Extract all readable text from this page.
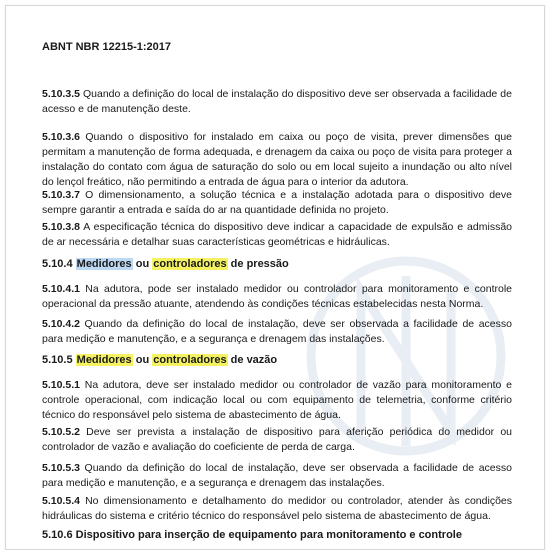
ABNT NBR 12215-1:2017
5.10.3.5 Quando a definição do local de instalação do dispositivo deve ser observada a facilidade de acesso e de manutenção deste.
5.10.3.6 Quando o dispositivo for instalado em caixa ou poço de visita, prever dimensões que permitam a manutenção de forma adequada, e drenagem da caixa ou poço de visita para proteger a instalação do contato com água de saturação do solo ou em local sujeito a inundação ou alto nível do lençol freático, não permitindo a entrada de água para o interior da adutora.
5.10.3.7 O dimensionamento, a solução técnica e a instalação adotada para o dispositivo deve sempre garantir a entrada e saída do ar na quantidade definida no projeto.
5.10.3.8 A especificação técnica do dispositivo deve indicar a capacidade de expulsão e admissão de ar necessária e detalhar suas características geométricas e hidráulicas.
5.10.4 Medidores ou controladores de pressão
5.10.4.1 Na adutora, pode ser instalado medidor ou controlador para monitoramento e controle operacional da pressão atuante, atendendo às condições técnicas estabelecidas nesta Norma.
5.10.4.2 Quando da definição do local de instalação, deve ser observada a facilidade de acesso para medição e manutenção, e a segurança e drenagem das instalações.
5.10.5 Medidores ou controladores de vazão
5.10.5.1 Na adutora, deve ser instalado medidor ou controlador de vazão para monitoramento e controle operacional, com indicação local ou com equipamento de telemetria, conforme critério técnico do responsável pelo sistema de abastecimento de água.
5.10.5.2 Deve ser prevista a instalação de dispositivo para aferição periódica do medidor ou controlador de vazão e avaliação do coeficiente de perda de carga.
5.10.5.3 Quando da definição do local de instalação, deve ser observada a facilidade de acesso para medição e manutenção, e a segurança e drenagem das instalações.
5.10.5.4 No dimensionamento e detalhamento do medidor ou controlador, atender às condições hidráulicas do sistema e critério técnico do responsável pelo sistema de abastecimento de água.
5.10.6 Dispositivo para inserção de equipamento para monitoramento e controle
